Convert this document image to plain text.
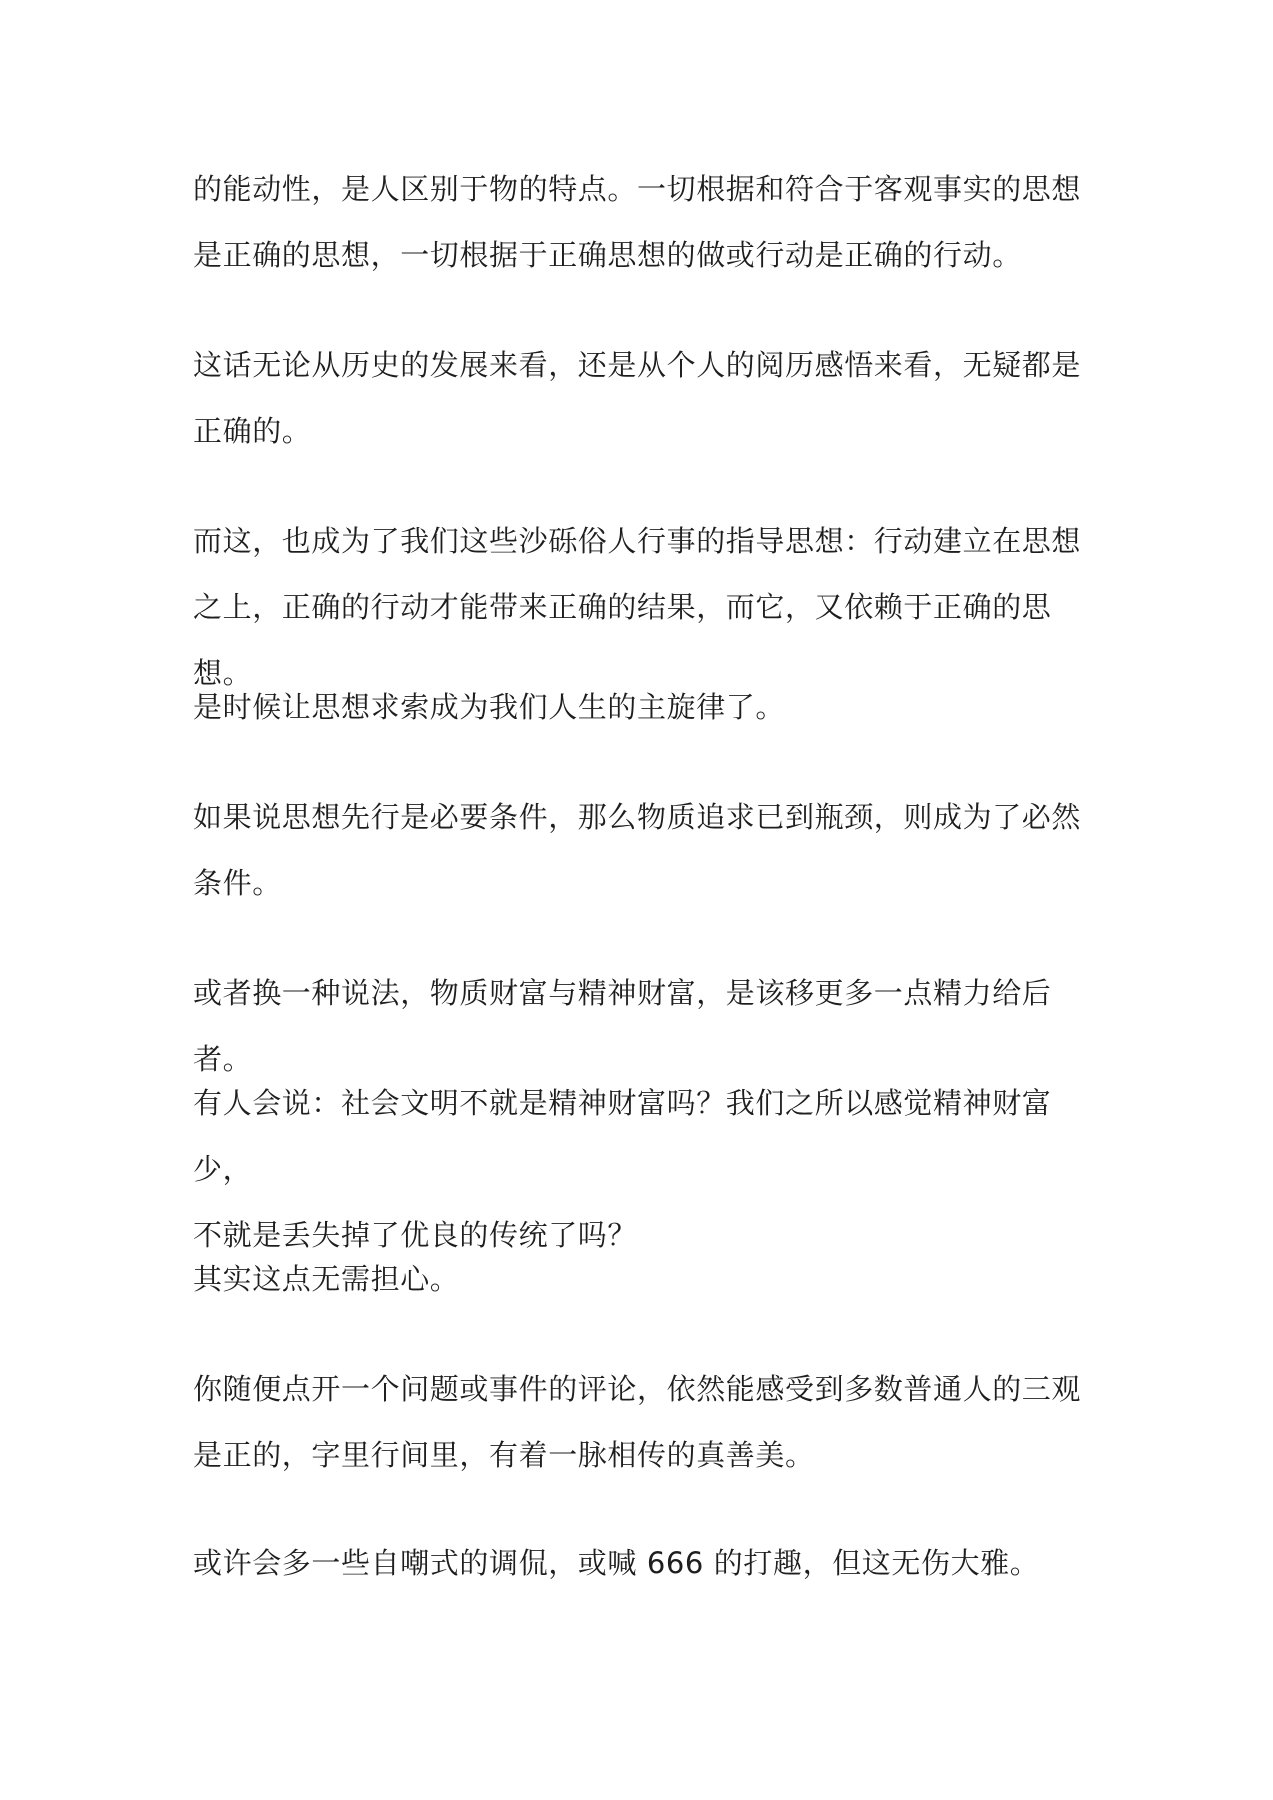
的能动性，是人区别于物的特点。一切根据和符合于客观事实的思想
是正确的思想，一切根据于正确思想的做或行动是正确的行动。

这话无论从历史的发展来看，还是从个人的阅历感悟来看，无疑都是
正确的。

而这，也成为了我们这些沙砾俗人行事的指导思想：行动建立在思想
之上，正确的行动才能带来正确的结果，而它，又依赖于正确的思想。

是时候让思想求索成为我们人生的主旋律了。

如果说思想先行是必要条件，那么物质追求已到瓶颈，则成为了必然
条件。

或者换一种说法，物质财富与精神财富，是该移更多一点精力给后者。

有人会说：社会文明不就是精神财富吗？我们之所以感觉精神财富少，
不就是丢失掉了优良的传统了吗？

其实这点无需担心。

你随便点开一个问题或事件的评论，依然能感受到多数普通人的三观
是正的，字里行间里，有着一脉相传的真善美。

或许会多一些自嘲式的调侃，或喊 666 的打趣，但这无伤大雅。
